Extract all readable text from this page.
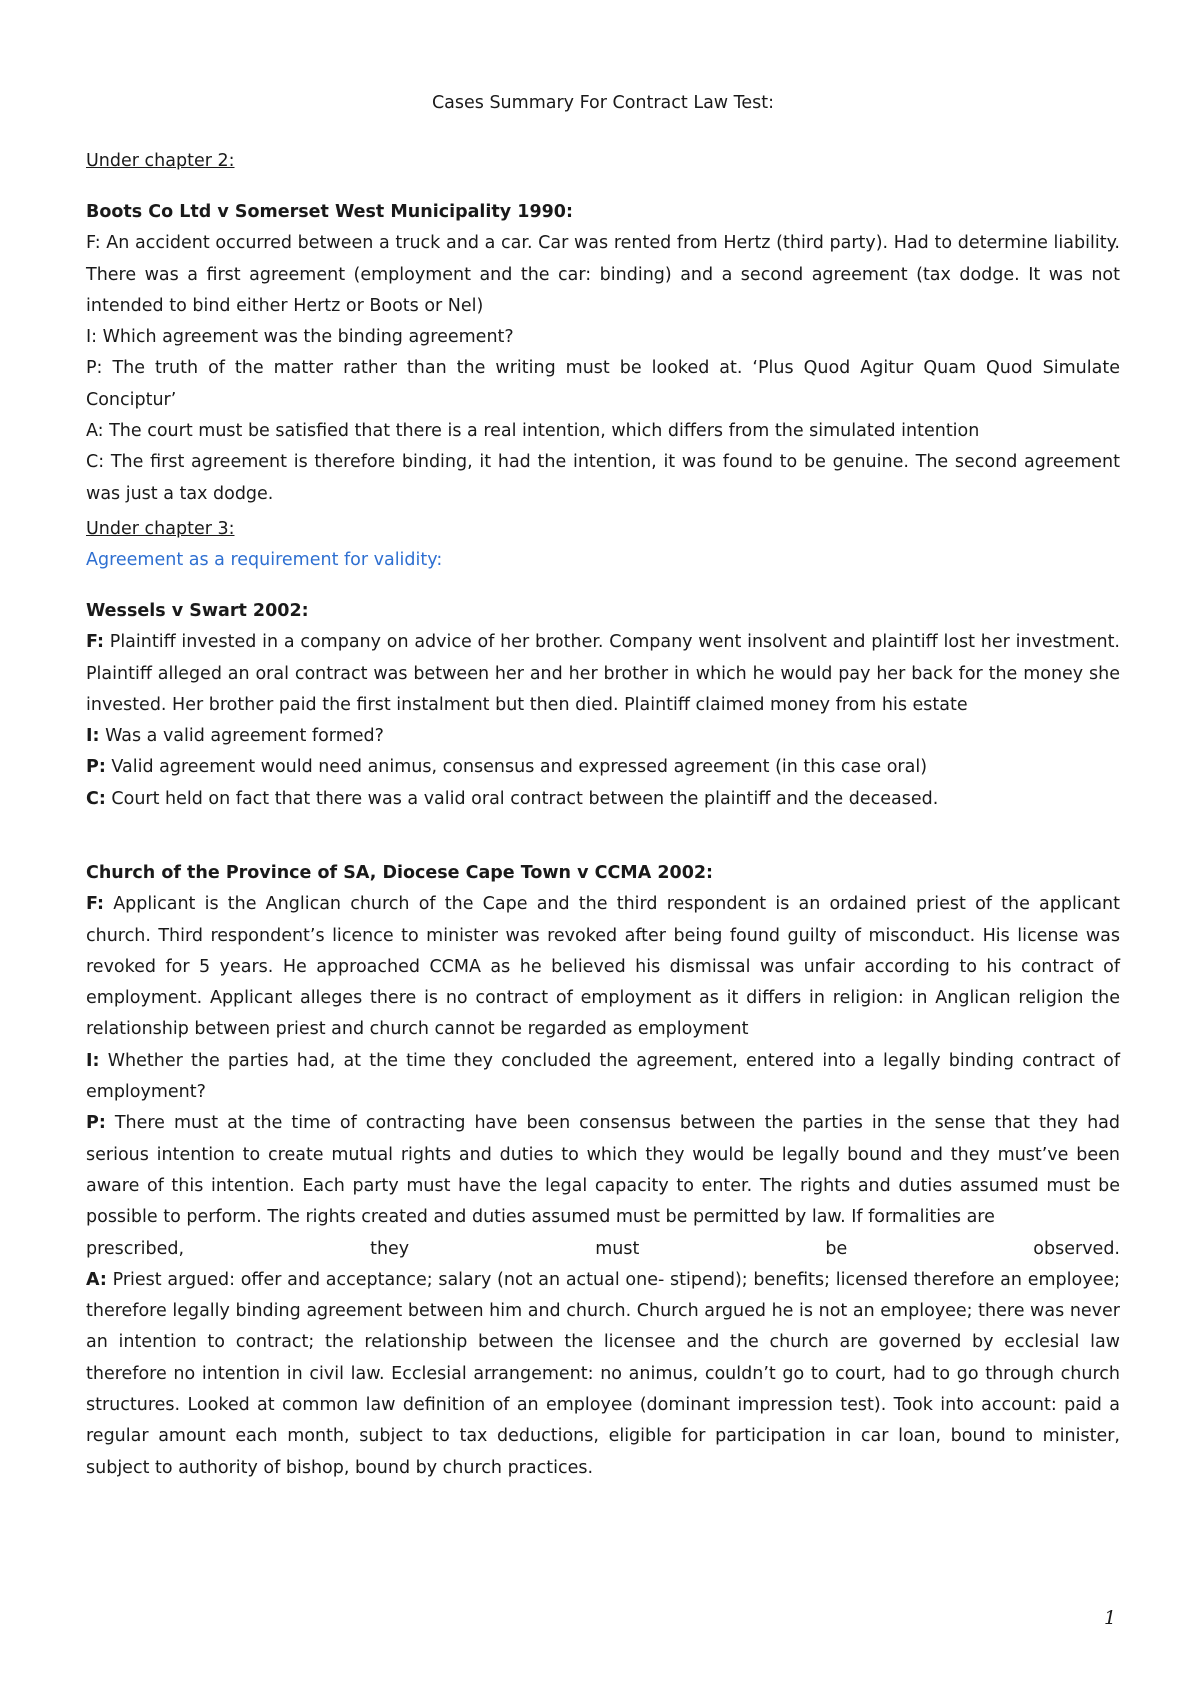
Cases Summary For Contract Law Test:

Under chapter 2:

Boots Co Ltd v Somerset West Municipality 1990:

F: An accident occurred between a truck and a car. Car was rented from Hertz (third party). Had to determine liability. There was a first agreement (employment and the car: binding) and a second agreement (tax dodge. It was not intended to bind either Hertz or Boots or Nel)

I: Which agreement was the binding agreement?

P: The truth of the matter rather than the writing must be looked at. ‘Plus Quod Agitur Quam Quod Simulate Conciptur’

A: The court must be satisfied that there is a real intention, which differs from the simulated intention

C: The first agreement is therefore binding, it had the intention, it was found to be genuine. The second agreement was just a tax dodge.

Under chapter 3:

Agreement as a requirement for validity:

Wessels v Swart 2002:

F: Plaintiff invested in a company on advice of her brother. Company went insolvent and plaintiff lost her investment. Plaintiff alleged an oral contract was between her and her brother in which he would pay her back for the money she invested. Her brother paid the first instalment but then died. Plaintiff claimed money from his estate

I: Was a valid agreement formed?

P: Valid agreement would need animus, consensus and expressed agreement (in this case oral)

C: Court held on fact that there was a valid oral contract between the plaintiff and the deceased.

Church of the Province of SA, Diocese Cape Town v CCMA 2002:

F: Applicant is the Anglican church of the Cape and the third respondent is an ordained priest of the applicant church. Third respondent’s licence to minister was revoked after being found guilty of misconduct. His license was revoked for 5 years. He approached CCMA as he believed his dismissal was unfair according to his contract of employment. Applicant alleges there is no contract of employment as it differs in religion: in Anglican religion the relationship between priest and church cannot be regarded as employment

I: Whether the parties had, at the time they concluded the agreement, entered into a legally binding contract of employment?

P: There must at the time of contracting have been consensus between the parties in the sense that they had serious intention to create mutual rights and duties to which they would be legally bound and they must’ve been aware of this intention. Each party must have the legal capacity to enter. The rights and duties assumed must be possible to perform. The rights created and duties assumed must be permitted by law. If formalities are

prescribed,	they	must	be	observed.

A: Priest argued: offer and acceptance; salary (not an actual one- stipend); benefits; licensed therefore an employee; therefore legally binding agreement between him and church. Church argued he is not an employee; there was never an intention to contract; the relationship between the licensee and the church are governed by ecclesial law therefore no intention in civil law. Ecclesial arrangement: no animus, couldn’t go to court, had to go through church structures. Looked at common law definition of an employee (dominant impression test). Took into account: paid a regular amount each month, subject to tax deductions, eligible for participation in car loan, bound to minister, subject to authority of bishop, bound by church practices.

1
